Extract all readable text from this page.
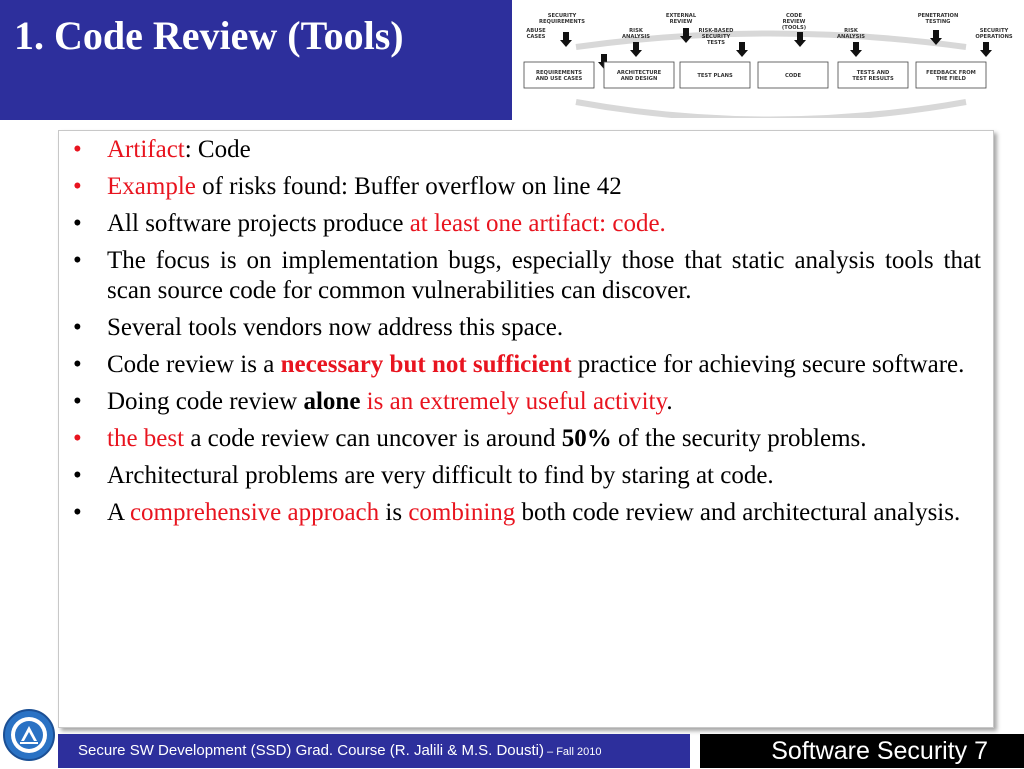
1. Code Review (Tools)	SECURITY
REQUIREMENTS
EXTERNAL
REVIEW
CODE
REVIEW
(TOOLS)
PENETRATION
TESTING
ABUSE
CASES
RISK
ANALYSIS
RISK-BASED
SECURITY
TESTS
RISK
ANALYSIS
SECURITY
OPERATIONS
REQUIREMENTS
AND USE CASES
ARCHITECTURE
AND DESIGN	TEST PLANS	CODE	TESTS AND
TEST RESULTS
FEEDBACK FROM
THE FIELD
•	Artifact: Code
•	Example of risks found: Buffer overflow on line 42
•	All software projects produce at least one artifact: code.
•	The focus is on implementation bugs, especially those that static analysis tools that scan source code for common vulnerabilities can discover.
•	Several tools vendors now address this space.
•	Code review is a necessary but not sufficient practice for achieving secure software.
•	Doing code review alone is an extremely useful activity.
•	the best a code review can uncover is around 50% of the security problems.
•	Architectural problems are very difficult to find by staring at code.
•	A comprehensive approach is combining both code review and architectural analysis.
Secure SW Development (SSD) Grad. Course (R. Jalili & M.S. Dousti) – Fall 2010	Software Security 7
